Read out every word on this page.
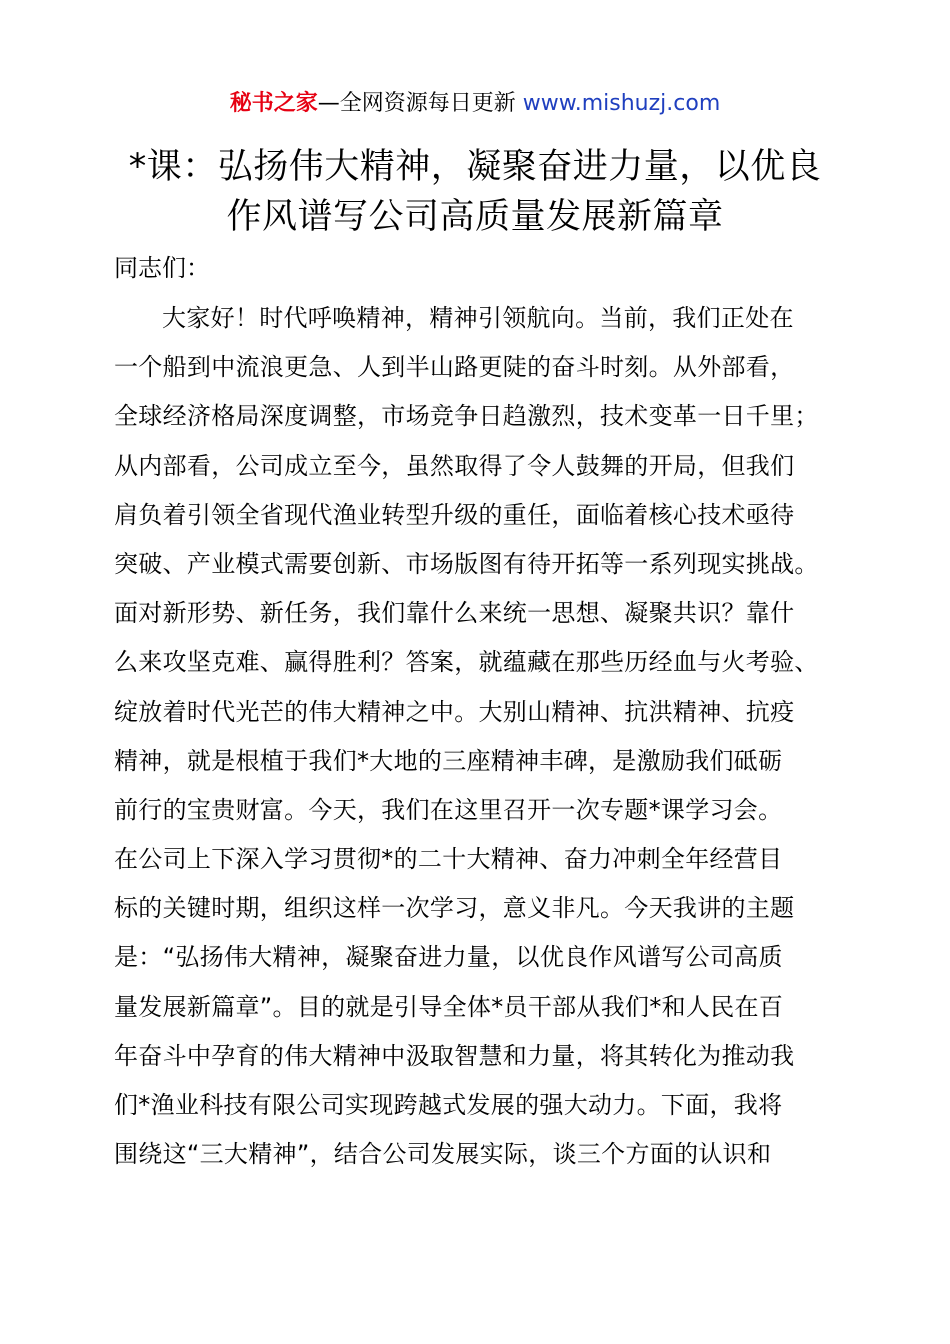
秘书之家—全网资源每日更新 www.mishuzj.com
*课：弘扬伟大精神，凝聚奋进力量，以优良
作风谱写公司高质量发展新篇章
同志们：
大家好！时代呼唤精神，精神引领航向。当前，我们正处在
一个船到中流浪更急、人到半山路更陡的奋斗时刻。从外部看，
全球经济格局深度调整，市场竞争日趋激烈，技术变革一日千里；
从内部看，公司成立至今，虽然取得了令人鼓舞的开局，但我们
肩负着引领全省现代渔业转型升级的重任，面临着核心技术亟待
突破、产业模式需要创新、市场版图有待开拓等一系列现实挑战。
面对新形势、新任务，我们靠什么来统一思想、凝聚共识？靠什
么来攻坚克难、赢得胜利？答案，就蕴藏在那些历经血与火考验、
绽放着时代光芒的伟大精神之中。大别山精神、抗洪精神、抗疫
精神，就是根植于我们*大地的三座精神丰碑，是激励我们砥砺
前行的宝贵财富。今天，我们在这里召开一次专题*课学习会。
在公司上下深入学习贯彻*的二十大精神、奋力冲刺全年经营目
标的关键时期，组织这样一次学习，意义非凡。今天我讲的主题
是：“弘扬伟大精神，凝聚奋进力量，以优良作风谱写公司高质
量发展新篇章”。目的就是引导全体*员干部从我们*和人民在百
年奋斗中孕育的伟大精神中汲取智慧和力量，将其转化为推动我
们*渔业科技有限公司实现跨越式发展的强大动力。下面，我将
围绕这“三大精神”，结合公司发展实际，谈三个方面的认识和
